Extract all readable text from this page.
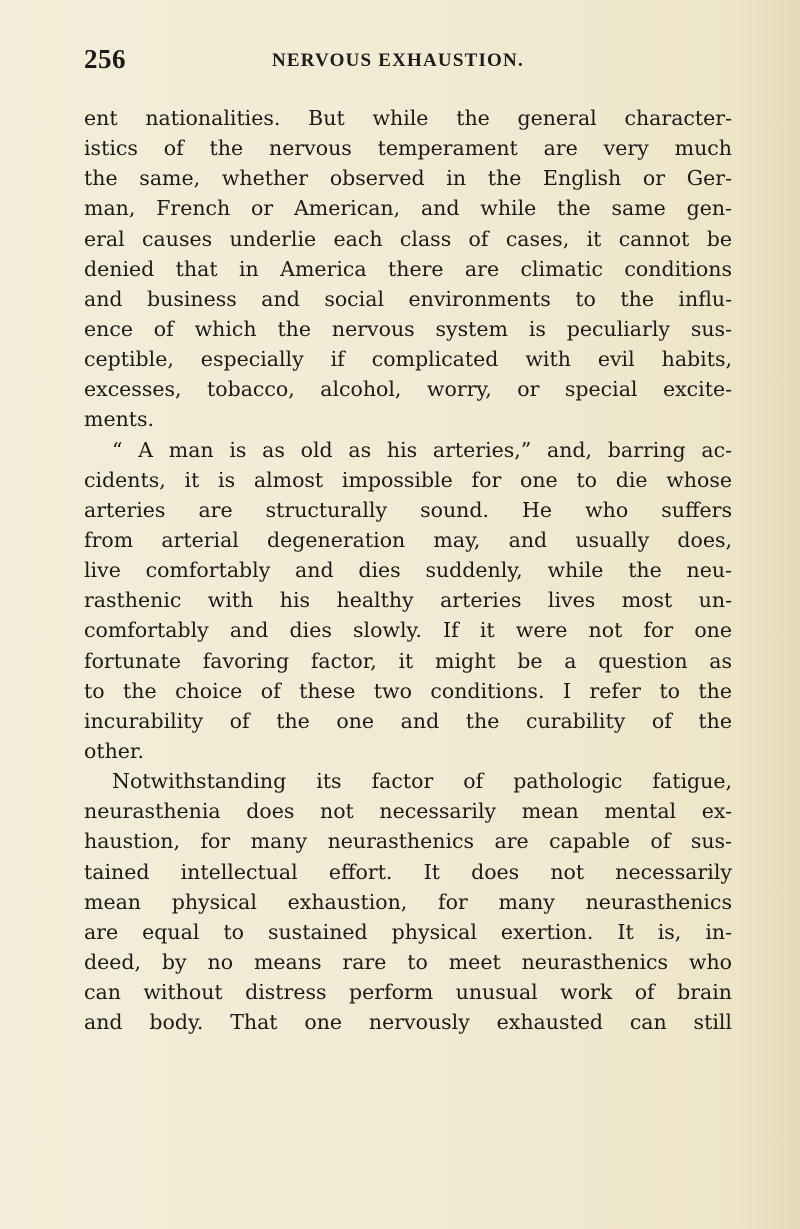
256	NERVOUS EXHAUSTION.
ent nationalities. But while the general character-
istics of the nervous temperament are very much
the same, whether observed in the English or Ger-
man, French or American, and while the same gen-
eral causes underlie each class of cases, it cannot be
denied that in America there are climatic conditions
and business and social environments to the influ-
ence of which the nervous system is peculiarly sus-
ceptible, especially if complicated with evil habits,
excesses, tobacco, alcohol, worry, or special excite-
ments.
“ A man is as old as his arteries,” and, barring ac-
cidents, it is almost impossible for one to die whose
arteries are structurally sound. He who suffers
from arterial degeneration may, and usually does,
live comfortably and dies suddenly, while the neu-
rasthenic with his healthy arteries lives most un-
comfortably and dies slowly. If it were not for one
fortunate favoring factor, it might be a question as
to the choice of these two conditions. I refer to the
incurability of the one and the curability of the
other.
Notwithstanding its factor of pathologic fatigue,
neurasthenia does not necessarily mean mental ex-
haustion, for many neurasthenics are capable of sus-
tained intellectual effort. It does not necessarily
mean physical exhaustion, for many neurasthenics
are equal to sustained physical exertion. It is, in-
deed, by no means rare to meet neurasthenics who
can without distress perform unusual work of brain
and body. That one nervously exhausted can still
